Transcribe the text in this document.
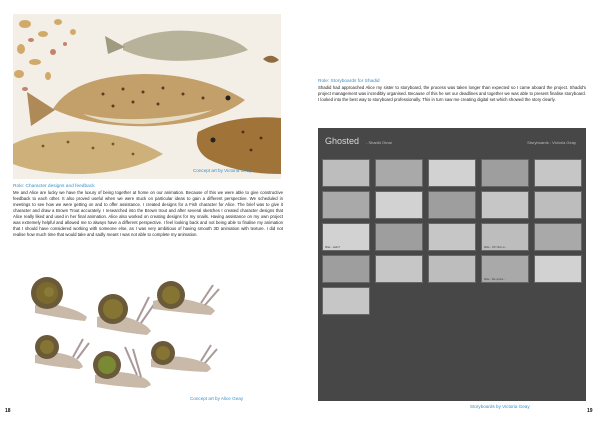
Concept art by Victoria Geay
Role: Character designs and feedback
Me and Alice are lucky we have the luxury of being together at home on our animation. Because of this we were able to give constructive feedback to each other. It also proved useful when we were stuck on particular ideas to gain a different perspective. We scheduled in meetings to see how we were getting on and to offer assistance. I created designs for a Fish character for Alice. The brief was to give it character and draw a Brown Trout accurately. I researched into the Brown trout and after several sketches I created character designs that Alice really liked and used in her final animation. Alice also worked on creating designs for my snails. Having assistance on my own project was extremely helpful and allowed me to always have a different perspective. I feel looking back and not being able to finalise my animation that I should have considered working with someone else, as I was very ambitious of having smooth 3D animation with texture. I did not realise how much time that would take and sadly meant I was not able to complete my animation.
Concept art by Alice Geay
18
Role: Storyboards for Shadid
Shadid had approached Alice my sister to storyboard, the process was taken longer than expected so I came aboard the project. Shadid's project management was incredibly organised. Because of this he set our deadlines and together we was able to present finalise storyboard. I looked into the best way to storyboard professionally. This in turn saw me creating digital set which showed the story clearly.
Ghosted - Shadid Omar	Storyboards : Victoria Geay
Mike - Hello?	Mike - Oh! Nice to...
Mike - We spoke...
Storyboards by Victoria Geay
19
